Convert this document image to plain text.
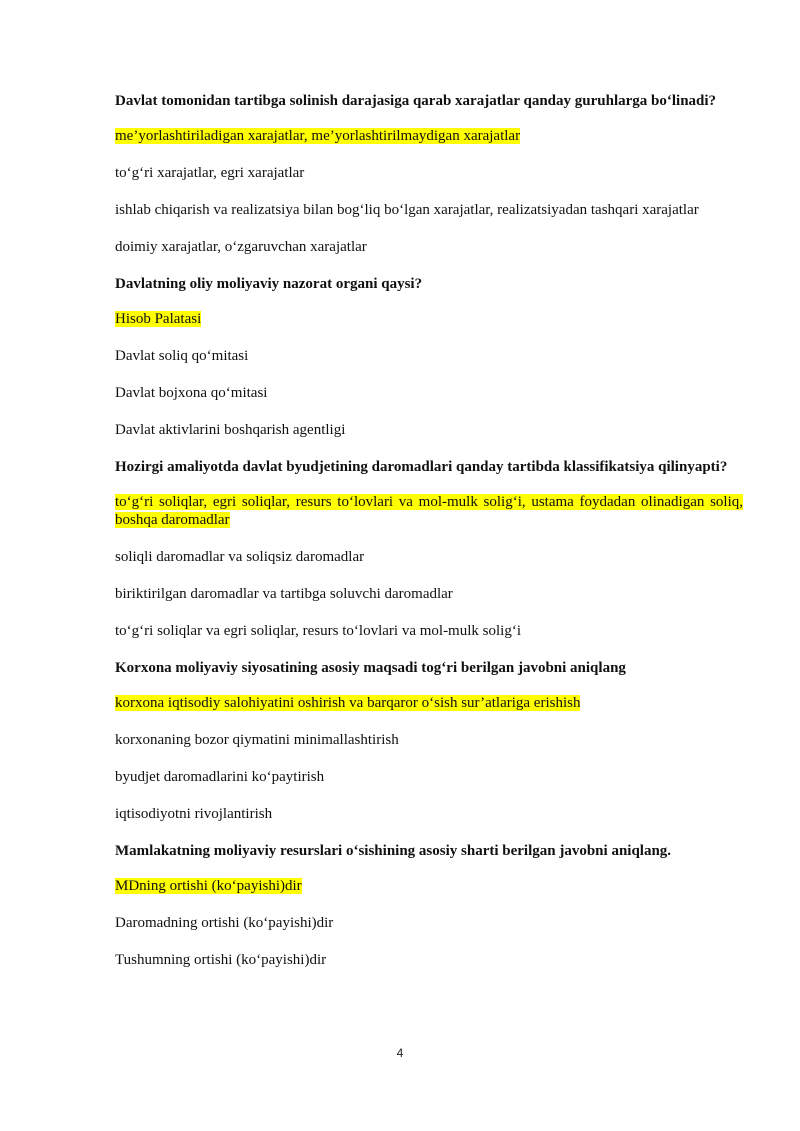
Davlat tomonidan tartibga solinish darajasiga qarab xarajatlar qanday guruhlarga bo‘linadi?

me’yorlashtiriladigan xarajatlar, me’yorlashtirilmaydigan xarajatlar

to‘g‘ri xarajatlar, egri xarajatlar

ishlab chiqarish va realizatsiya bilan bog‘liq bo‘lgan xarajatlar, realizatsiyadan tashqari xarajatlar

doimiy xarajatlar, o‘zgaruvchan xarajatlar

Davlatning oliy moliyaviy nazorat organi qaysi?

Hisob Palatasi

Davlat soliq qo‘mitasi

Davlat bojxona qo‘mitasi

Davlat aktivlarini boshqarish agentligi

Hozirgi amaliyotda davlat byudjetining daromadlari qanday tartibda klassifikatsiya qilinyapti?

to‘g‘ri soliqlar, egri soliqlar, resurs to‘lovlari va mol-mulk solig‘i, ustama foydadan olinadigan soliq, boshqa daromadlar

soliqli daromadlar va soliqsiz daromadlar

biriktirilgan daromadlar va tartibga soluvchi daromadlar

to‘g‘ri soliqlar va egri soliqlar, resurs to‘lovlari va mol-mulk solig‘i

Korxona moliyaviy siyosatining asosiy maqsadi tog‘ri berilgan javobni aniqlang

korxona iqtisodiy salohiyatini oshirish va barqaror o‘sish sur’atlariga erishish

korxonaning bozor qiymatini minimallashtirish

byudjet daromadlarini ko‘paytirish

iqtisodiyotni rivojlantirish

Mamlakatning moliyaviy resurslari o‘sishining asosiy sharti berilgan javobni aniqlang.

MDning ortishi (ko‘payishi)dir

Daromadning ortishi (ko‘payishi)dir

Tushumning ortishi (ko‘payishi)dir

4
